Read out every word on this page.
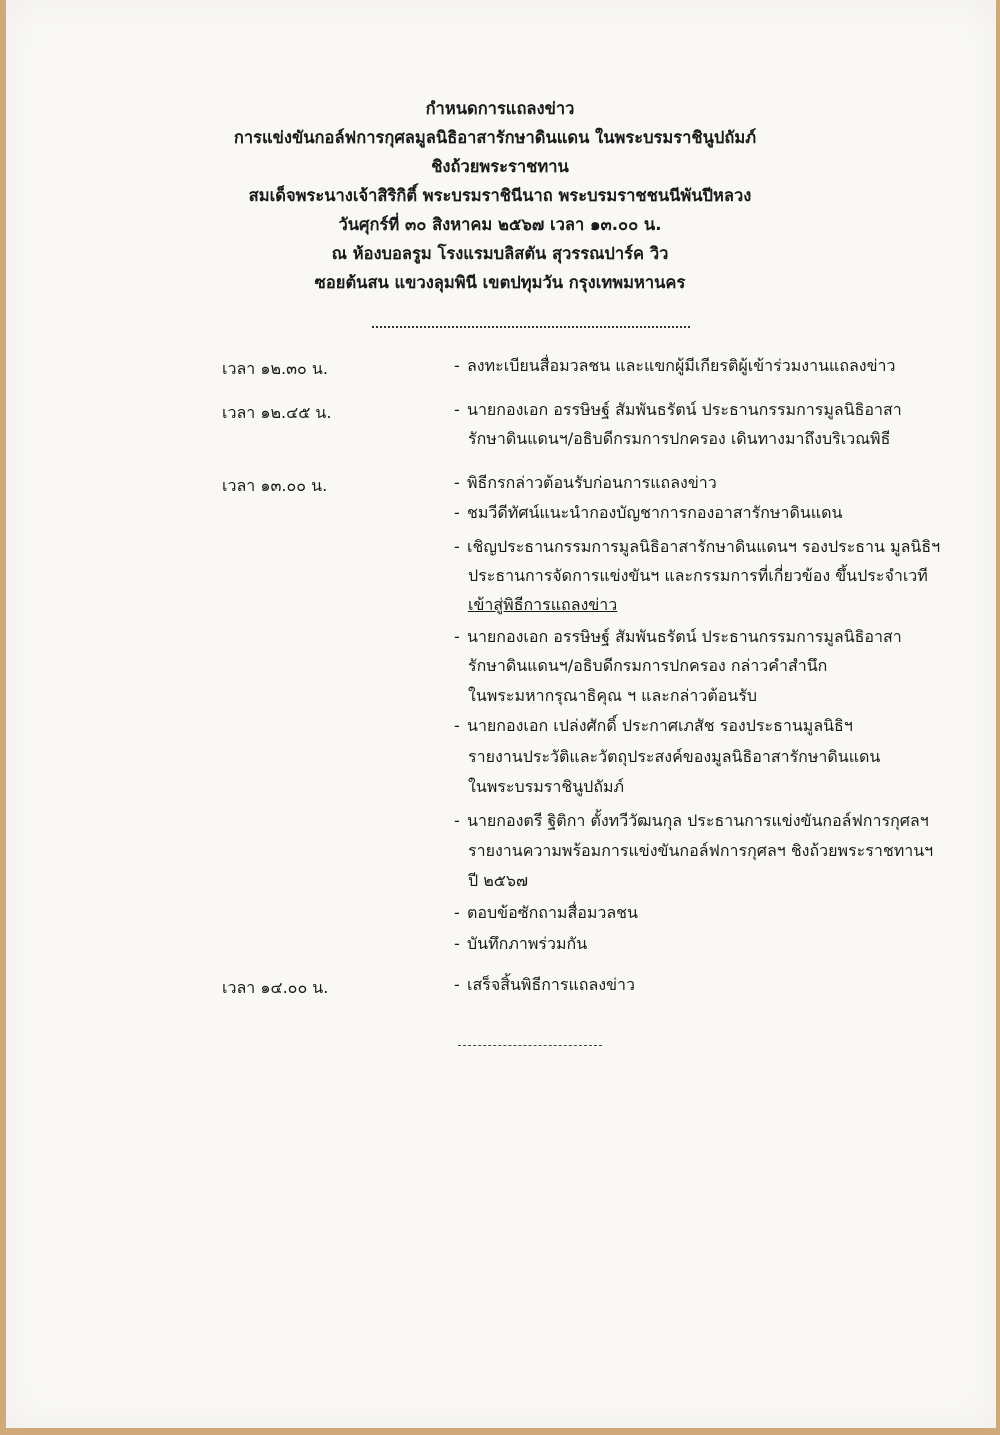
กำหนดการแถลงข่าว
การแข่งขันกอล์ฟการกุศลมูลนิธิอาสารักษาดินแดน ในพระบรมราชินูปถัมภ์
ชิงถ้วยพระราชทาน
สมเด็จพระนางเจ้าสิริกิติ์ พระบรมราชินีนาถ พระบรมราชชนนีพันปีหลวง
วันศุกร์ที่ ๓๐ สิงหาคม ๒๕๖๗ เวลา ๑๓.๐๐ น.
ณ ห้องบอลรูม โรงแรมบลิสตัน สุวรรณปาร์ค วิว
ซอยต้นสน แขวงลุมพินี เขตปทุมวัน กรุงเทพมหานคร
เวลา ๑๒.๓๐ น.	- ลงทะเบียนสื่อมวลชน และแขกผู้มีเกียรติผู้เข้าร่วมงานแถลงข่าว
เวลา ๑๒.๔๕ น.	- นายกองเอก อรรษิษฐ์ สัมพันธรัตน์ ประธานกรรมการมูลนิธิอาสา
รักษาดินแดนฯ/อธิบดีกรมการปกครอง เดินทางมาถึงบริเวณพิธี
เวลา ๑๓.๐๐ น.	- พิธีกรกล่าวต้อนรับก่อนการแถลงข่าว
- ชมวีดีทัศน์แนะนำกองบัญชาการกองอาสารักษาดินแดน
- เชิญประธานกรรมการมูลนิธิอาสารักษาดินแดนฯ รองประธาน มูลนิธิฯ
ประธานการจัดการแข่งขันฯ และกรรมการที่เกี่ยวข้อง ขึ้นประจำเวที
เข้าสู่พิธีการแถลงข่าว
- นายกองเอก อรรษิษฐ์ สัมพันธรัตน์ ประธานกรรมการมูลนิธิอาสา
รักษาดินแดนฯ/อธิบดีกรมการปกครอง กล่าวคำสำนึก
ในพระมหากรุณาธิคุณ ฯ และกล่าวต้อนรับ
- นายกองเอก เปล่งศักดิ์ ประกาศเภสัช รองประธานมูลนิธิฯ
รายงานประวัติและวัตถุประสงค์ของมูลนิธิอาสารักษาดินแดน
ในพระบรมราชินูปถัมภ์
- นายกองตรี ฐิติกา ตั้งทวีวัฒนกุล ประธานการแข่งขันกอล์ฟการกุศลฯ
รายงานความพร้อมการแข่งขันกอล์ฟการกุศลฯ ชิงถ้วยพระราชทานฯ
ปี ๒๕๖๗
- ตอบข้อซักถามสื่อมวลชน
- บันทึกภาพร่วมกัน
เวลา ๑๔.๐๐ น.	- เสร็จสิ้นพิธีการแถลงข่าว
